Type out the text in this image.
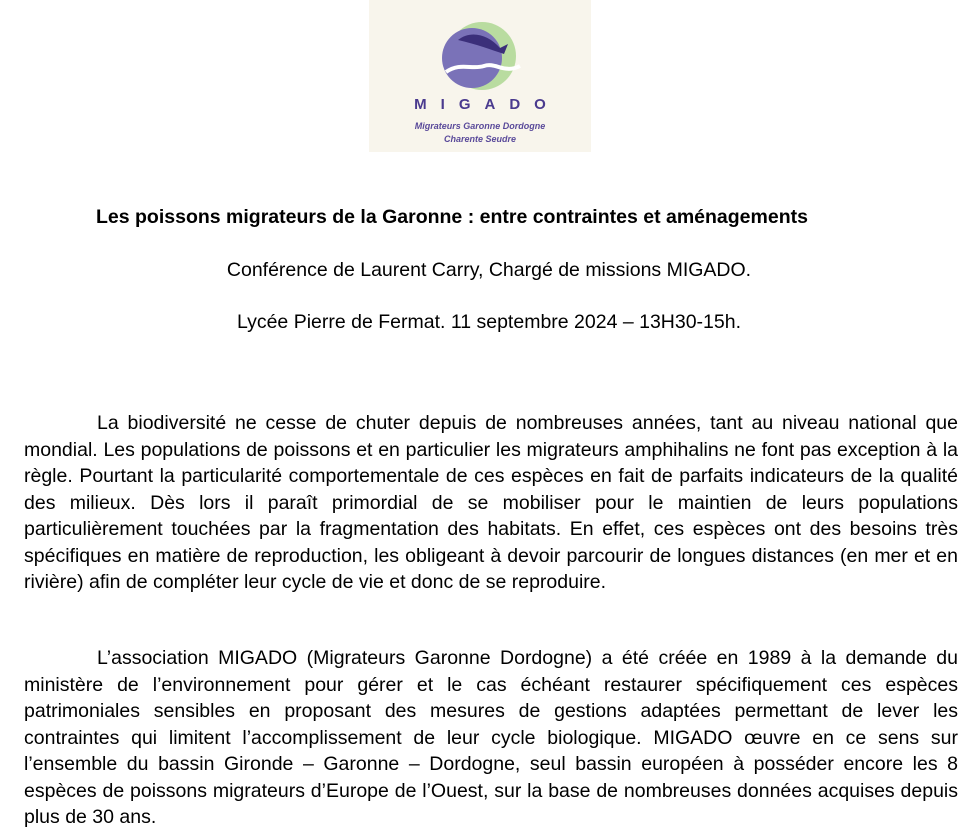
MIGADO
Migrateurs Garonne Dordogne
Charente Seudre
Les poissons migrateurs de la Garonne : entre contraintes et aménagements
Conférence de Laurent Carry, Chargé de missions MIGADO.
Lycée Pierre de Fermat. 11 septembre 2024 – 13H30-15h.

La biodiversité ne cesse de chuter depuis de nombreuses années, tant au niveau national que mondial. Les populations de poissons et en particulier les migrateurs amphihalins ne font pas exception à la règle. Pourtant la particularité comportementale de ces espèces en fait de parfaits indicateurs de la qualité des milieux. Dès lors il paraît primordial de se mobiliser pour le maintien de leurs populations particulièrement touchées par la fragmentation des habitats. En effet, ces espèces ont des besoins très spécifiques en matière de reproduction, les obligeant à devoir parcourir de longues distances (en mer et en rivière) afin de compléter leur cycle de vie et donc de se reproduire.

L’association MIGADO (Migrateurs Garonne Dordogne) a été créée en 1989 à la demande du ministère de l’environnement pour gérer et le cas échéant restaurer spécifiquement ces espèces patrimoniales sensibles en proposant des mesures de gestions adaptées permettant de lever les contraintes qui limitent l’accomplissement de leur cycle biologique. MIGADO œuvre en ce sens sur l’ensemble du bassin Gironde – Garonne – Dordogne, seul bassin européen à posséder encore les 8 espèces de poissons migrateurs d’Europe de l’Ouest, sur la base de nombreuses données acquises depuis plus de 30 ans.
